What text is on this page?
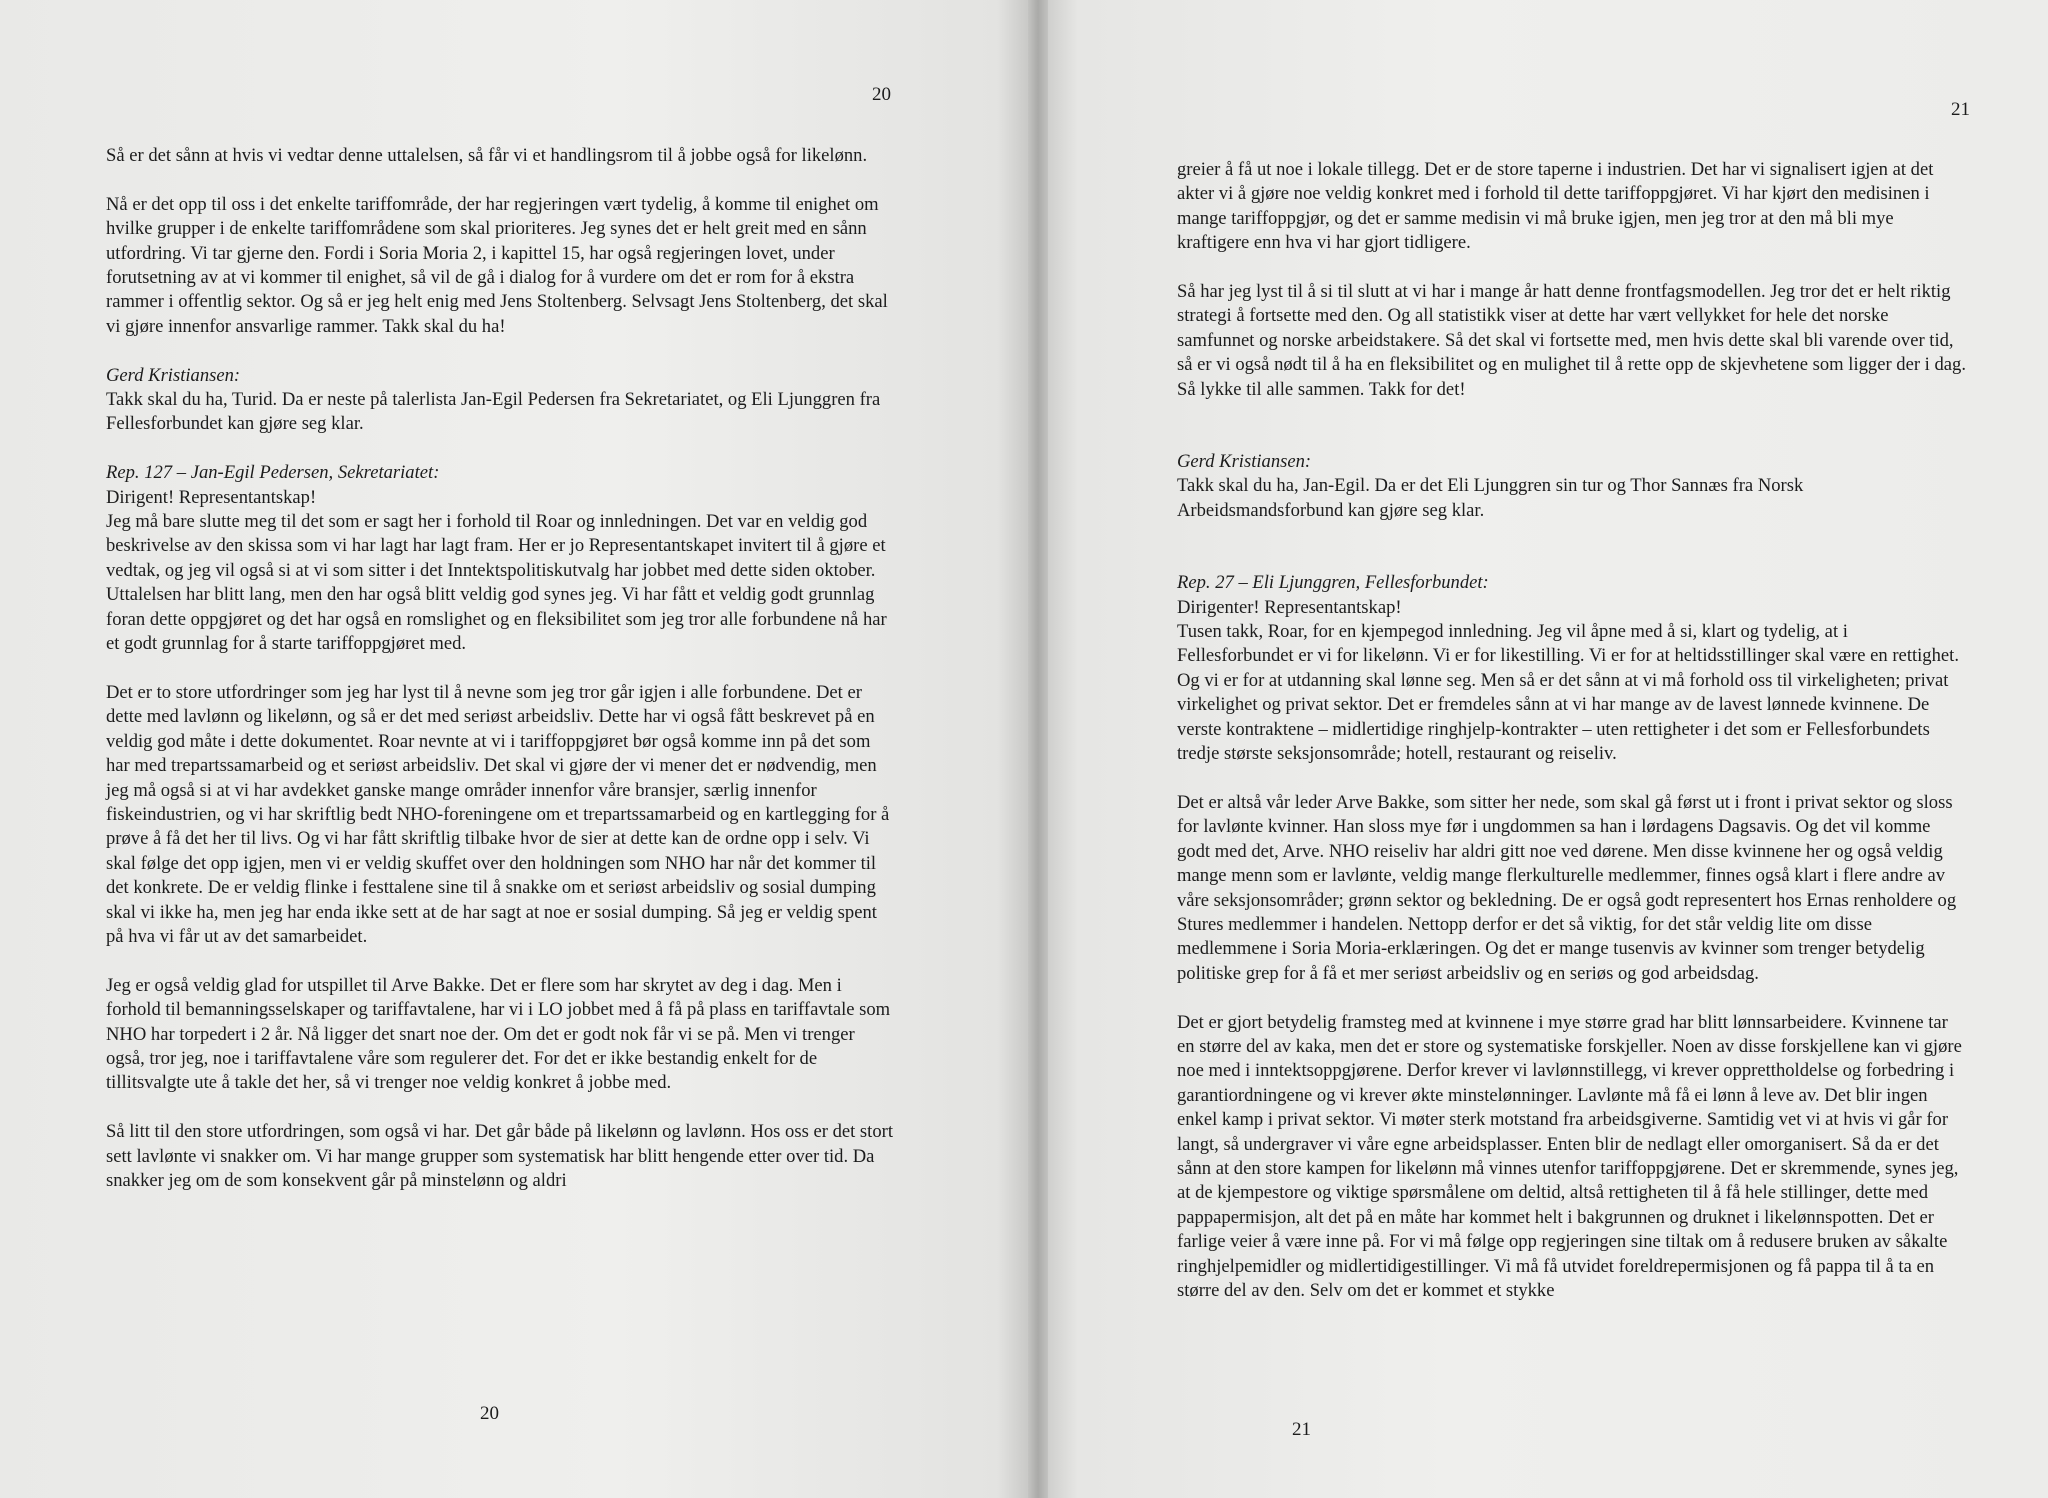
20

Så er det sånn at hvis vi vedtar denne uttalelsen, så får vi et handlingsrom til å jobbe også for likelønn.

Nå er det opp til oss i det enkelte tariffområde, der har regjeringen vært tydelig, å komme til enighet om hvilke grupper i de enkelte tariffområdene som skal prioriteres. Jeg synes det er helt greit med en sånn utfordring. Vi tar gjerne den. Fordi i Soria Moria 2, i kapittel 15, har også regjeringen lovet, under forutsetning av at vi kommer til enighet, så vil de gå i dialog for å vurdere om det er rom for å ekstra rammer i offentlig sektor. Og så er jeg helt enig med Jens Stoltenberg. Selvsagt Jens Stoltenberg, det skal vi gjøre innenfor ansvarlige rammer. Takk skal du ha!

Gerd Kristiansen:

Takk skal du ha, Turid. Da er neste på talerlista Jan-Egil Pedersen fra Sekretariatet, og Eli Ljunggren fra Fellesforbundet kan gjøre seg klar.

Rep. 127 – Jan-Egil Pedersen, Sekretariatet:

Dirigent! Representantskap!

Jeg må bare slutte meg til det som er sagt her i forhold til Roar og innledningen. Det var en veldig god beskrivelse av den skissa som vi har lagt har lagt fram. Her er jo Representantskapet invitert til å gjøre et vedtak, og jeg vil også si at vi som sitter i det Inntektspolitiskutvalg har jobbet med dette siden oktober. Uttalelsen har blitt lang, men den har også blitt veldig god synes jeg. Vi har fått et veldig godt grunnlag foran dette oppgjøret og det har også en romslighet og en fleksibilitet som jeg tror alle forbundene nå har et godt grunnlag for å starte tariffoppgjøret med.

Det er to store utfordringer som jeg har lyst til å nevne som jeg tror går igjen i alle forbundene. Det er dette med lavlønn og likelønn, og så er det med seriøst arbeidsliv. Dette har vi også fått beskrevet på en veldig god måte i dette dokumentet. Roar nevnte at vi i tariffoppgjøret bør også komme inn på det som har med trepartssamarbeid og et seriøst arbeidsliv. Det skal vi gjøre der vi mener det er nødvendig, men jeg må også si at vi har avdekket ganske mange områder innenfor våre bransjer, særlig innenfor fiskeindustrien, og vi har skriftlig bedt NHO-foreningene om et trepartssamarbeid og en kartlegging for å prøve å få det her til livs. Og vi har fått skriftlig tilbake hvor de sier at dette kan de ordne opp i selv. Vi skal følge det opp igjen, men vi er veldig skuffet over den holdningen som NHO har når det kommer til det konkrete. De er veldig flinke i festtalene sine til å snakke om et seriøst arbeidsliv og sosial dumping skal vi ikke ha, men jeg har enda ikke sett at de har sagt at noe er sosial dumping. Så jeg er veldig spent på hva vi får ut av det samarbeidet.

Jeg er også veldig glad for utspillet til Arve Bakke. Det er flere som har skrytet av deg i dag. Men i forhold til bemanningsselskaper og tariffavtalene, har vi i LO jobbet med å få på plass en tariffavtale som NHO har torpedert i 2 år. Nå ligger det snart noe der. Om det er godt nok får vi se på. Men vi trenger også, tror jeg, noe i tariffavtalene våre som regulerer det. For det er ikke bestandig enkelt for de tillitsvalgte ute å takle det her, så vi trenger noe veldig konkret å jobbe med.

Så litt til den store utfordringen, som også vi har. Det går både på likelønn og lavlønn. Hos oss er det stort sett lavlønte vi snakker om. Vi har mange grupper som systematisk har blitt hengende etter over tid. Da snakker jeg om de som konsekvent går på minstelønn og aldri

20
21

greier å få ut noe i lokale tillegg. Det er de store taperne i industrien. Det har vi signalisert igjen at det akter vi å gjøre noe veldig konkret med i forhold til dette tariffoppgjøret. Vi har kjørt den medisinen i mange tariffoppgjør, og det er samme medisin vi må bruke igjen, men jeg tror at den må bli mye kraftigere enn hva vi har gjort tidligere.

Så har jeg lyst til å si til slutt at vi har i mange år hatt denne frontfagsmodellen. Jeg tror det er helt riktig strategi å fortsette med den. Og all statistikk viser at dette har vært vellykket for hele det norske samfunnet og norske arbeidstakere. Så det skal vi fortsette med, men hvis dette skal bli varende over tid, så er vi også nødt til å ha en fleksibilitet og en mulighet til å rette opp de skjevhetene som ligger der i dag. Så lykke til alle sammen. Takk for det!

Gerd Kristiansen:

Takk skal du ha, Jan-Egil. Da er det Eli Ljunggren sin tur og Thor Sannæs fra Norsk Arbeidsmandsforbund kan gjøre seg klar.

Rep. 27 – Eli Ljunggren, Fellesforbundet:

Dirigenter! Representantskap!

Tusen takk, Roar, for en kjempegod innledning. Jeg vil åpne med å si, klart og tydelig, at i Fellesforbundet er vi for likelønn. Vi er for likestilling. Vi er for at heltidsstillinger skal være en rettighet. Og vi er for at utdanning skal lønne seg. Men så er det sånn at vi må forhold oss til virkeligheten; privat virkelighet og privat sektor. Det er fremdeles sånn at vi har mange av de lavest lønnede kvinnene. De verste kontraktene – midlertidige ringhjelp-kontrakter – uten rettigheter i det som er Fellesforbundets tredje største seksjonsområde; hotell, restaurant og reiseliv.

Det er altså vår leder Arve Bakke, som sitter her nede, som skal gå først ut i front i privat sektor og sloss for lavlønte kvinner. Han sloss mye før i ungdommen sa han i lørdagens Dagsavis. Og det vil komme godt med det, Arve. NHO reiseliv har aldri gitt noe ved dørene. Men disse kvinnene her og også veldig mange menn som er lavlønte, veldig mange flerkulturelle medlemmer, finnes også klart i flere andre av våre seksjonsområder; grønn sektor og bekledning. De er også godt representert hos Ernas renholdere og Stures medlemmer i handelen. Nettopp derfor er det så viktig, for det står veldig lite om disse medlemmene i Soria Moria-erklæringen. Og det er mange tusenvis av kvinner som trenger betydelig politiske grep for å få et mer seriøst arbeidsliv og en seriøs og god arbeidsdag.

Det er gjort betydelig framsteg med at kvinnene i mye større grad har blitt lønnsarbeidere. Kvinnene tar en større del av kaka, men det er store og systematiske forskjeller. Noen av disse forskjellene kan vi gjøre noe med i inntektsoppgjørene. Derfor krever vi lavlønnstillegg, vi krever opprettholdelse og forbedring i garantiordningene og vi krever økte minstelønninger. Lavlønte må få ei lønn å leve av. Det blir ingen enkel kamp i privat sektor. Vi møter sterk motstand fra arbeidsgiverne. Samtidig vet vi at hvis vi går for langt, så undergraver vi våre egne arbeidsplasser. Enten blir de nedlagt eller omorganisert. Så da er det sånn at den store kampen for likelønn må vinnes utenfor tariffoppgjørene. Det er skremmende, synes jeg, at de kjempestore og viktige spørsmålene om deltid, altså rettigheten til å få hele stillinger, dette med pappapermisjon, alt det på en måte har kommet helt i bakgrunnen og druknet i likelønnspotten. Det er farlige veier å være inne på. For vi må følge opp regjeringen sine tiltak om å redusere bruken av såkalte ringhjelpemidler og midlertidigestillinger. Vi må få utvidet foreldrepermisjonen og få pappa til å ta en større del av den. Selv om det er kommet et stykke

21
